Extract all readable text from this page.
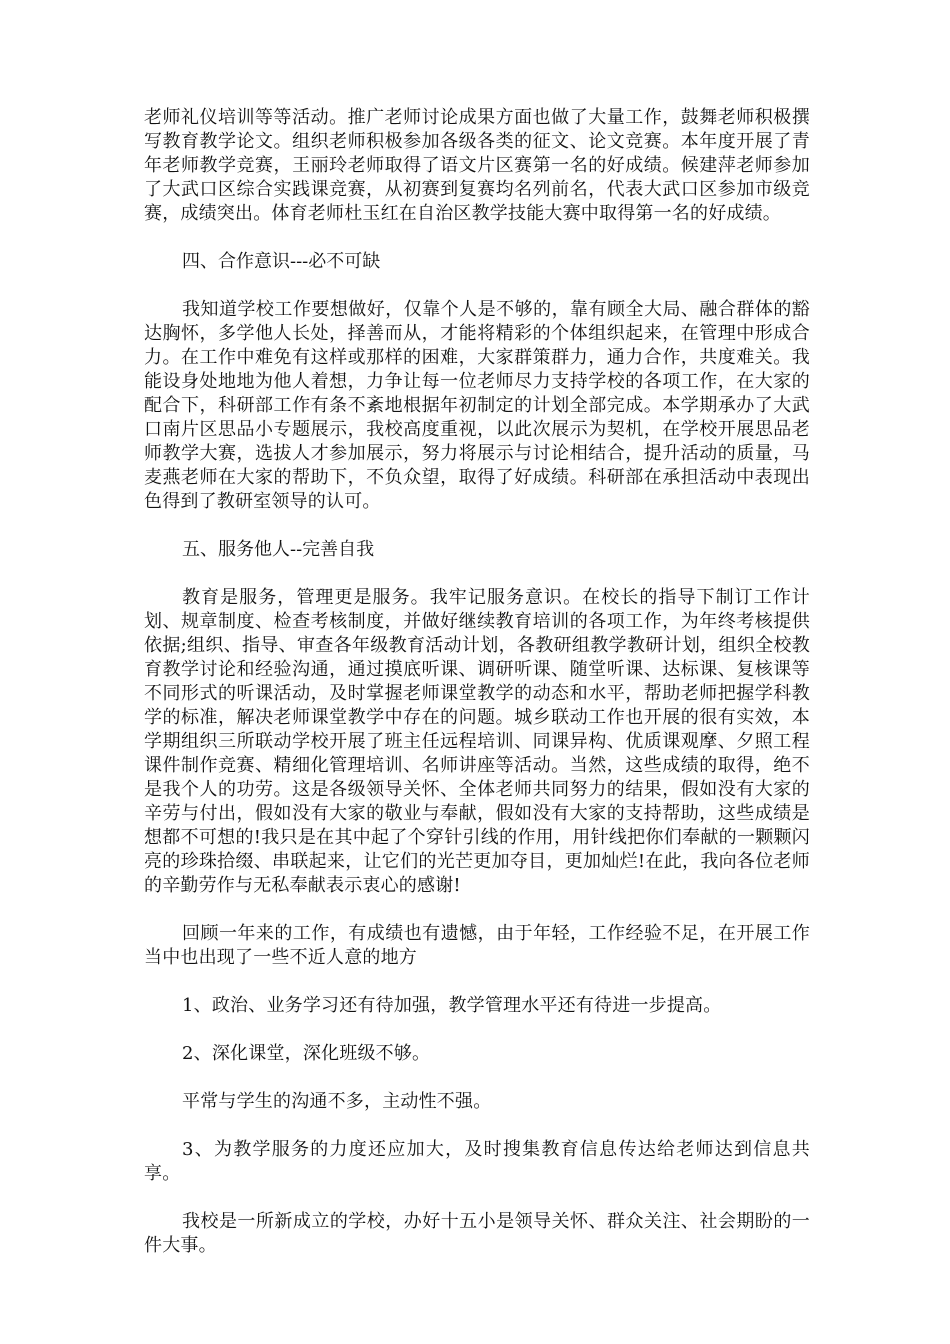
老师礼仪培训等等活动。推广老师讨论成果方面也做了大量工作，鼓舞老师积极撰写教育教学论文。组织老师积极参加各级各类的征文、论文竞赛。本年度开展了青年老师教学竞赛，王丽玲老师取得了语文片区赛第一名的好成绩。候建萍老师参加了大武口区综合实践课竞赛，从初赛到复赛均名列前名，代表大武口区参加市级竞赛，成绩突出。体育老师杜玉红在自治区教学技能大赛中取得第一名的好成绩。

四、合作意识---必不可缺

我知道学校工作要想做好，仅靠个人是不够的，靠有顾全大局、融合群体的豁达胸怀，多学他人长处，择善而从，才能将精彩的个体组织起来，在管理中形成合力。在工作中难免有这样或那样的困难，大家群策群力，通力合作，共度难关。我能设身处地地为他人着想，力争让每一位老师尽力支持学校的各项工作，在大家的配合下，科研部工作有条不紊地根据年初制定的计划全部完成。本学期承办了大武口南片区思品小专题展示，我校高度重视，以此次展示为契机，在学校开展思品老师教学大赛，选拔人才参加展示，努力将展示与讨论相结合，提升活动的质量，马麦燕老师在大家的帮助下，不负众望，取得了好成绩。科研部在承担活动中表现出色得到了教研室领导的认可。

五、服务他人--完善自我

教育是服务，管理更是服务。我牢记服务意识。在校长的指导下制订工作计划、规章制度、检查考核制度，并做好继续教育培训的各项工作，为年终考核提供依据;组织、指导、审查各年级教育活动计划，各教研组教学教研计划，组织全校教育教学讨论和经验沟通，通过摸底听课、调研听课、随堂听课、达标课、复核课等不同形式的听课活动，及时掌握老师课堂教学的动态和水平，帮助老师把握学科教学的标准，解决老师课堂教学中存在的问题。城乡联动工作也开展的很有实效，本学期组织三所联动学校开展了班主任远程培训、同课异构、优质课观摩、夕照工程课件制作竞赛、精细化管理培训、名师讲座等活动。当然，这些成绩的取得，绝不是我个人的功劳。这是各级领导关怀、全体老师共同努力的结果，假如没有大家的辛劳与付出，假如没有大家的敬业与奉献，假如没有大家的支持帮助，这些成绩是想都不可想的!我只是在其中起了个穿针引线的作用，用针线把你们奉献的一颗颗闪亮的珍珠拾缀、串联起来，让它们的光芒更加夺目，更加灿烂!在此，我向各位老师的辛勤劳作与无私奉献表示衷心的感谢!

回顾一年来的工作，有成绩也有遗憾，由于年轻，工作经验不足，在开展工作当中也出现了一些不近人意的地方

1、政治、业务学习还有待加强，教学管理水平还有待进一步提高。

2、深化课堂，深化班级不够。

平常与学生的沟通不多，主动性不强。

3、为教学服务的力度还应加大，及时搜集教育信息传达给老师达到信息共享。

我校是一所新成立的学校，办好十五小是领导关怀、群众关注、社会期盼的一件大事。
